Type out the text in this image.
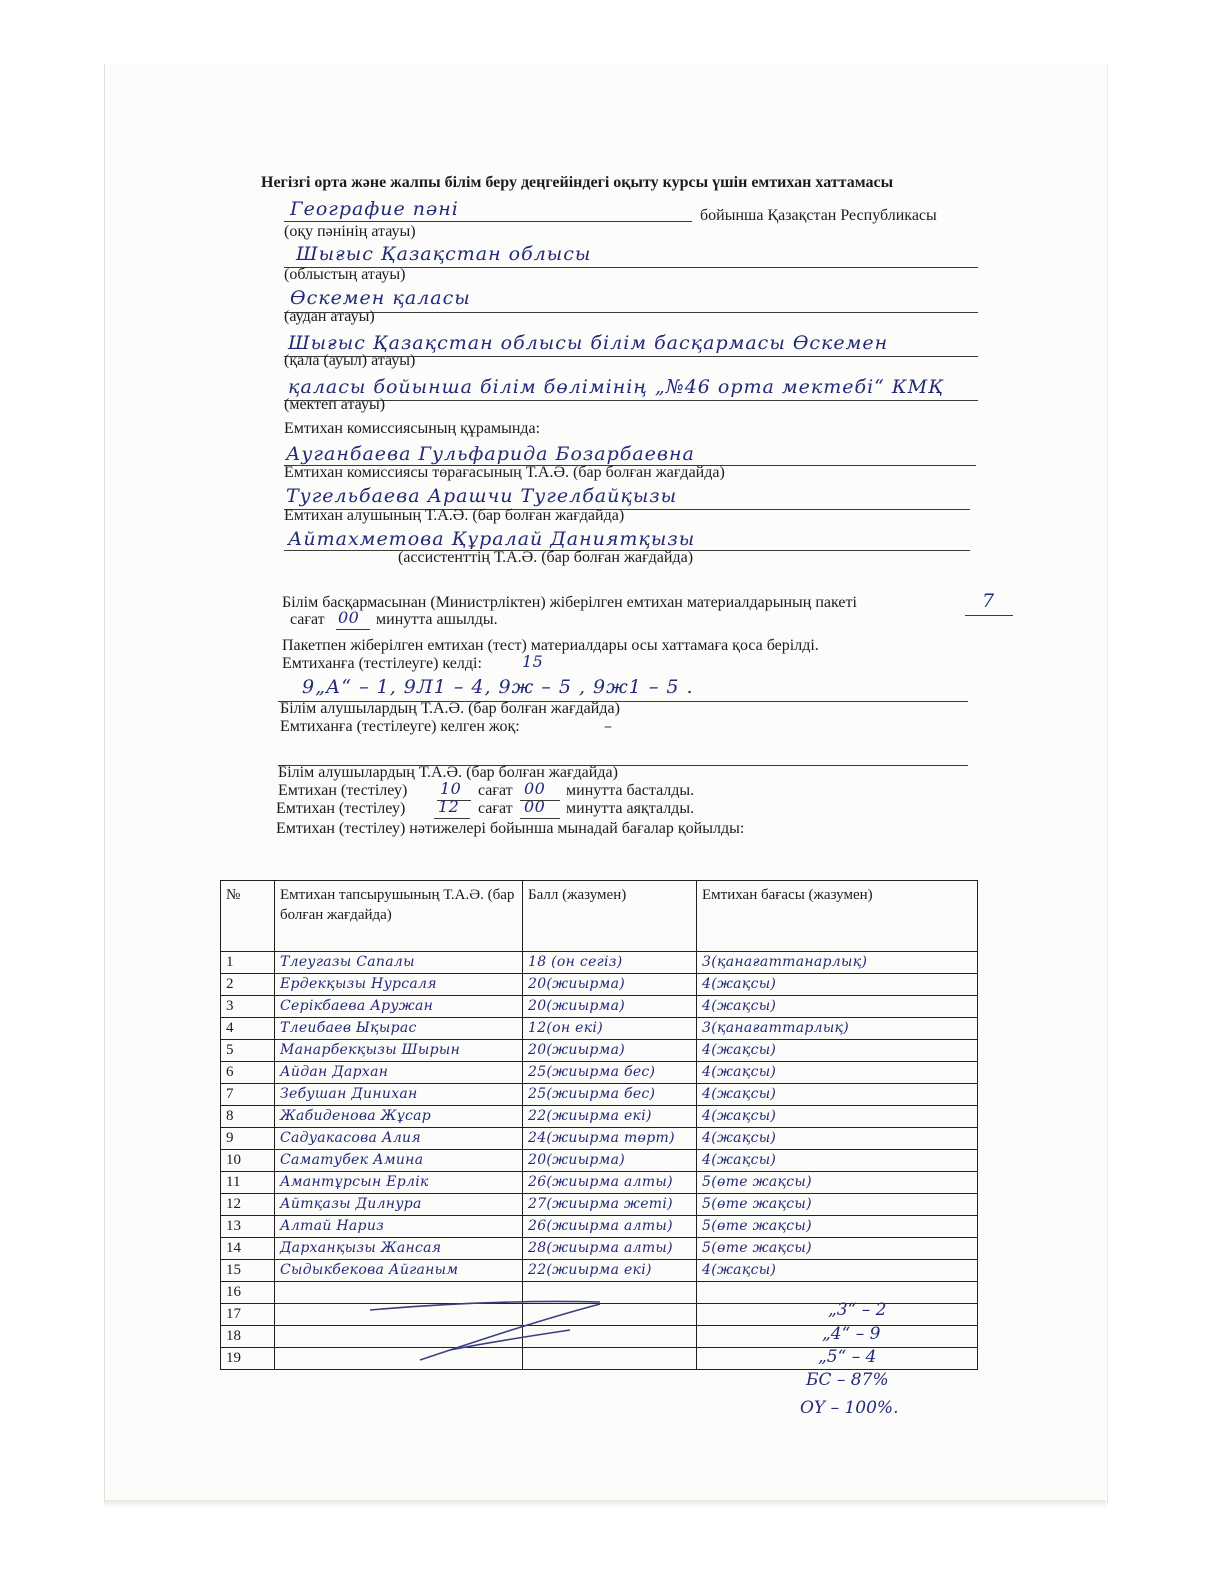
Негізгі орта және жалпы білім беру деңгейіндегі оқыту курсы үшін емтихан хаттамасы
Географие пәні	бойынша Қазақстан Республикасы
(оқу пәнінің атауы)
Шығыс Қазақстан облысы
(облыстың атауы)
Өскемен қаласы
(аудан атауы)
Шығыс Қазақстан облысы білім басқармасы Өскемен
(қала (ауыл) атауы)
қаласы бойынша білім бөлімінің „№46 орта мектебі“ КМҚ
(мектеп атауы)
Емтихан комиссиясының құрамында:
Ауганбаева Гульфарида Бозарбаевна
Емтихан комиссиясы төрағасының Т.А.Ә. (бар болған жағдайда)
Тугельбаева Арашчи Тугелбайқызы
Емтихан алушының Т.А.Ә. (бар болған жағдайда)
Айтахметова Құралай Даниятқызы
(ассистенттің Т.А.Ә. (бар болған жағдайда)
Білім басқармасынан (Министрліктен) жіберілген емтихан материалдарының пакеті	7
сағат 00 минутта ашылды.
Пакетпен жіберілген емтихан (тест) материалдары осы хаттамаға қоса берілді.
Емтиханға (тестілеуге) келді:	15
9„А“ – 1, 9Л1 – 4, 9ж – 5 , 9ж1 – 5 .
Білім алушылардың Т.А.Ә. (бар болған жағдайда)
Емтиханға (тестілеуге) келген жоқ:	–
Білім алушылардың Т.А.Ә. (бар болған жағдайда)
Емтихан (тестілеу) 10 сағат 00 минутта басталды.
Емтихан (тестілеу) 12 сағат 00 минутта аяқталды.
Емтихан (тестілеу) нәтижелері бойынша мынадай бағалар қойылды:
№	Емтихан тапсырушының Т.А.Ә. (бар болған жағдайда)	Балл (жазумен)	Емтихан бағасы (жазумен)
1	Тлеугазы Сапалы	18 (он сегіз)	3(қанағаттанарлық)
2	Ердекқызы Нурсаля	20(жиырма)	4(жақсы)
3	Серікбаева Аружан	20(жиырма)	4(жақсы)
4	Тлеибаев Ықырас	12(он екі)	3(қанағаттарлық)
5	Манарбекқызы Шырын	20(жиырма)	4(жақсы)
6	Айдан Дархан	25(жиырма бес)	4(жақсы)
7	Зебушан Динихан	25(жиырма бес)	4(жақсы)
8	Жабиденова Жұсар	22(жиырма екі)	4(жақсы)
9	Садуакасова Алия	24(жиырма төрт)	4(жақсы)
10	Саматубек Амина	20(жиырма)	4(жақсы)
11	Амантұрсын Ерлік	26(жиырма алты)	5(өте жақсы)
12	Айтқазы Дилнура	27(жиырма жеті)	5(өте жақсы)
13	Алтай Нариз	26(жиырма алты)	5(өте жақсы)
14	Дарханқызы Жансая	28(жиырма алты)	5(өте жақсы)
15	Сыдыкбекова Айганым	22(жиырма екі)	4(жақсы)
16			
17			
18			
19			
„3“ – 2
„4“ – 9
„5“ – 4
БС – 87%
ОҮ – 100%.
